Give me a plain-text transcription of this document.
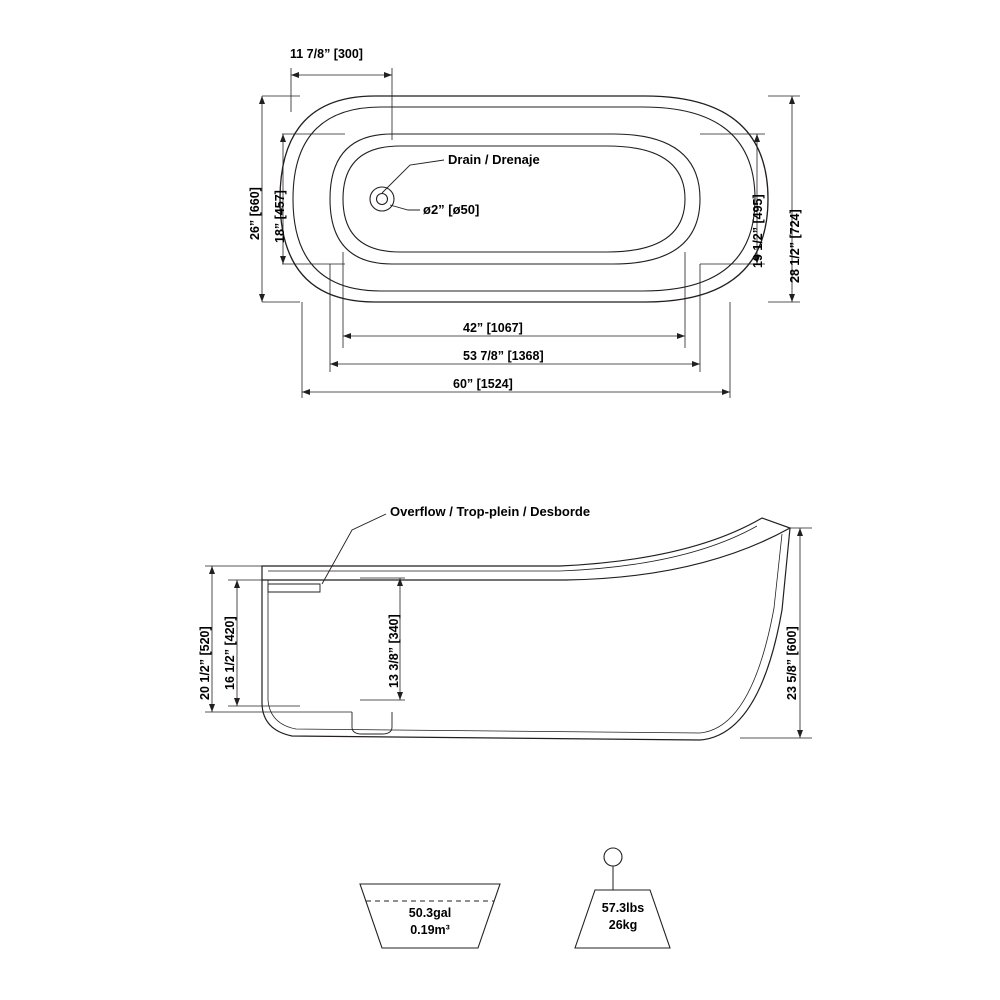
11 7/8” [300]
26” [660] 18” [457]	19 1/2” [495] 28 1/2” [724]
42” [1067]
53 7/8” [1368]
60” [1524]
Drain / Drenaje
ø2” [ø50]
Overflow / Trop-plein / Desborde
20 1/2” [520] 16 1/2” [420]	13 3/8” [340]	23 5/8” [600]
50.3gal
0.19m³
57.3lbs
26kg
